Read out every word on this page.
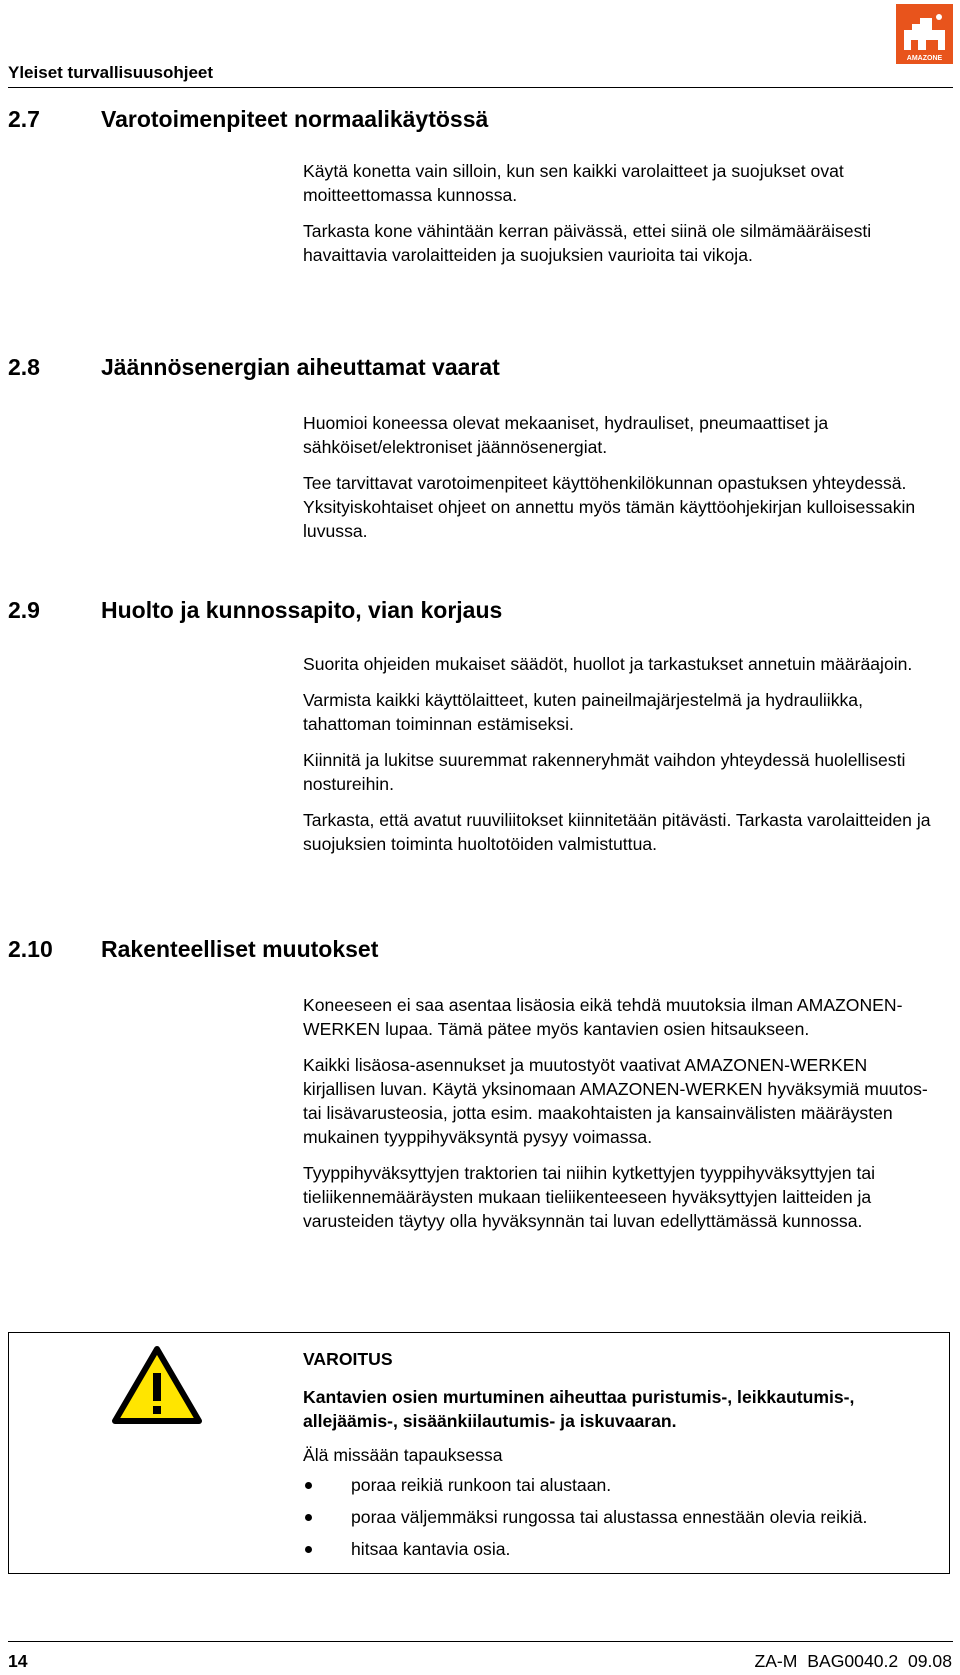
Yleiset turvallisuusohjeet
AMAZONE
2.7	Varotoimenpiteet normaalikäytössä

Käytä konetta vain silloin, kun sen kaikki varolaitteet ja suojukset ovat moitteettomassa kunnossa.

Tarkasta kone vähintään kerran päivässä, ettei siinä ole silmämääräisesti havaittavia varolaitteiden ja suojuksien vaurioita tai vikoja.

2.8	Jäännösenergian aiheuttamat vaarat

Huomioi koneessa olevat mekaaniset, hydrauliset, pneumaattiset ja sähköiset/elektroniset jäännösenergiat.

Tee tarvittavat varotoimenpiteet käyttöhenkilökunnan opastuksen yhteydessä. Yksityiskohtaiset ohjeet on annettu myös tämän käyttöohjekirjan kulloisessakin luvussa.

2.9	Huolto ja kunnossapito, vian korjaus

Suorita ohjeiden mukaiset säädöt, huollot ja tarkastukset annetuin määräajoin.

Varmista kaikki käyttölaitteet, kuten paineilmajärjestelmä ja hydrauliikka, tahattoman toiminnan estämiseksi.

Kiinnitä ja lukitse suuremmat rakenneryhmät vaihdon yhteydessä huolellisesti nostureihin.

Tarkasta, että avatut ruuviliitokset kiinnitetään pitävästi. Tarkasta varolaitteiden ja suojuksien toiminta huoltotöiden valmistuttua.

2.10 Rakenteelliset muutokset

Koneeseen ei saa asentaa lisäosia eikä tehdä muutoksia ilman AMAZONEN-WERKEN lupaa. Tämä pätee myös kantavien osien hitsaukseen.

Kaikki lisäosa-asennukset ja muutostyöt vaativat AMAZONEN-WERKEN kirjallisen luvan. Käytä yksinomaan AMAZONEN-WERKEN hyväksymiä muutos- tai lisävarusteosia, jotta esim. maakohtaisten ja kansainvälisten määräysten mukainen tyyppihyväksyntä pysyy voimassa.

Tyyppihyväksyttyjen traktorien tai niihin kytkettyjen tyyppihyväksyttyjen tai tieliikennemääräysten mukaan tieliikenteeseen hyväksyttyjen laitteiden ja varusteiden täytyy olla hyväksynnän tai luvan edellyttämässä kunnossa.

VAROITUS
Kantavien osien murtuminen aiheuttaa puristumis-, leikkautumis-, allejäämis-, sisäänkiilautumis- ja iskuvaaran.
Älä missään tapauksessa
poraa reikiä runkoon tai alustaan.
poraa väljemmäksi rungossa tai alustassa ennestään olevia reikiä.
hitsaa kantavia osia.
14	ZA-M  BAG0040.2  09.08
